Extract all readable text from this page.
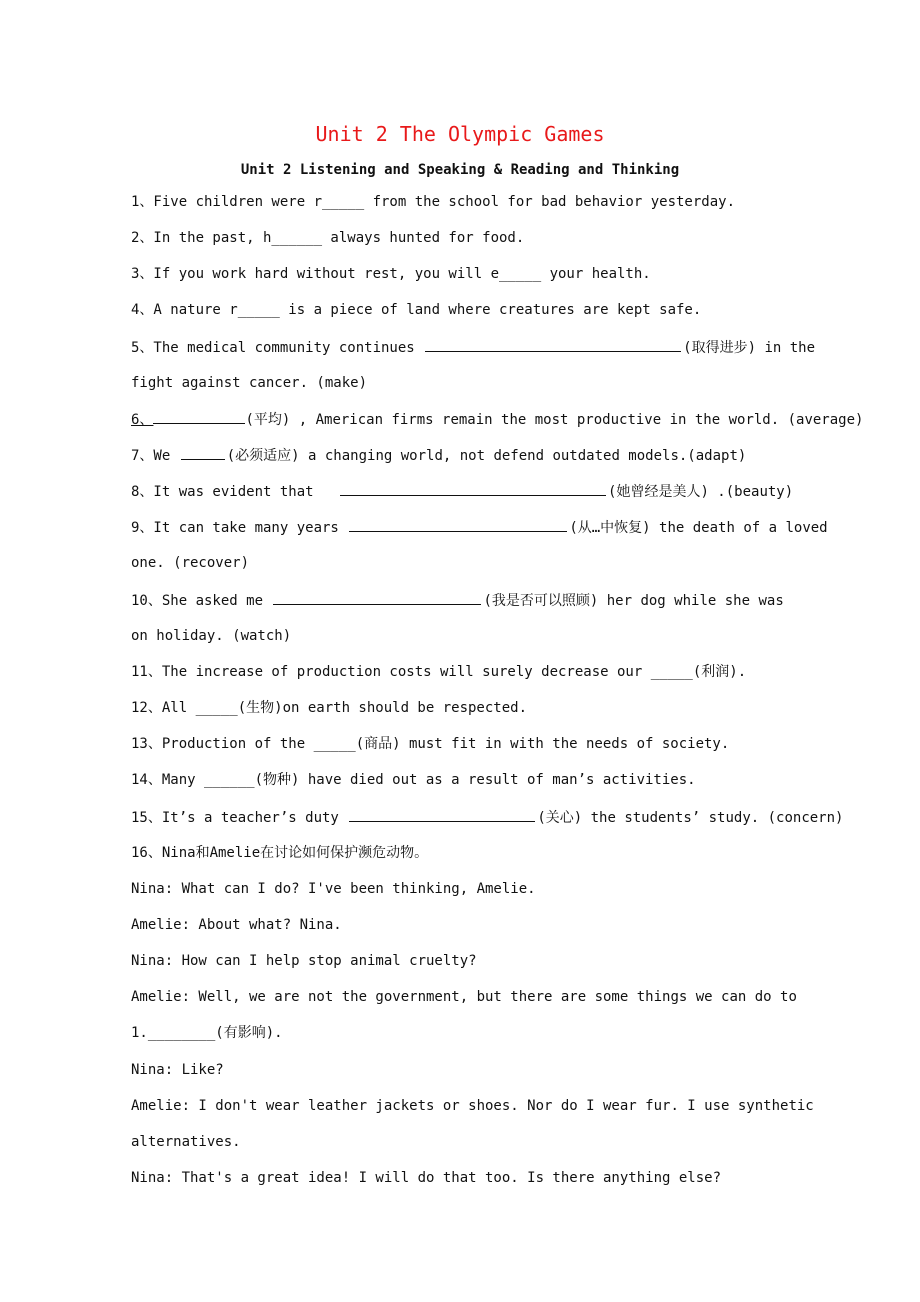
Unit 2 The Olympic Games
Unit 2 Listening and Speaking & Reading and Thinking
1、Five children were r_____ from the school for bad behavior yesterday.
2、In the past, h______ always hunted for food.
3、If you work hard without rest, you will e_____ your health.
4、A nature r_____ is a piece of land where creatures are kept safe.
5、The medical community continues	(取得进步) in the
fight against cancer. (make)
6、	(平均) , American firms remain the most productive in the world. (average)
7、We	(必须适应) a changing world, not defend outdated models.(adapt)
8、It was evident that	(她曾经是美人) .(beauty)
9、It can take many years	(从…中恢复) the death of a loved
one. (recover)
10、She asked me	(我是否可以照顾) her dog while she was
on holiday. (watch)
11、The increase of production costs will surely decrease our _____(利润).
12、All _____(生物)on earth should be respected.
13、Production of the _____(商品) must fit in with the needs of society.
14、Many ______(物种) have died out as a result of man’s activities.
15、It’s a teacher’s duty	(关心) the students’ study. (concern)
16、Nina和Amelie在讨论如何保护濒危动物。
Nina: What can I do? I've been thinking, Amelie.
Amelie: About what? Nina.
Nina: How can I help stop animal cruelty?
Amelie: Well, we are not the government, but there are some things we can do to
1.________(有影响).
Nina: Like?
Amelie: I don't wear leather jackets or shoes. Nor do I wear fur. I use synthetic
alternatives.
Nina: That's a great idea! I will do that too. Is there anything else?
